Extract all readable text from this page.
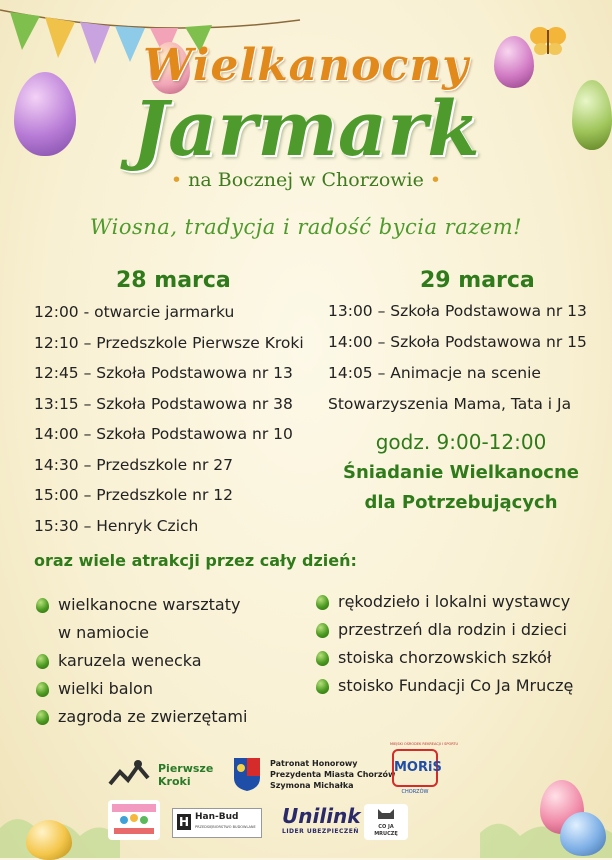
Wielkanocny
Jarmark
• na Bocznej w Chorzowie •
Wiosna, tradycja i radość bycia razem!
28 marca
12:00 - otwarcie jarmarku
12:10 – Przedszkole Pierwsze Kroki
12:45 – Szkoła Podstawowa nr 13
13:15 – Szkoła Podstawowa nr 38
14:00 – Szkoła Podstawowa nr 10
14:30 – Przedszkole nr 27
15:00 – Przedszkole nr 12
15:30 – Henryk Czich
29 marca
13:00 – Szkoła Podstawowa nr 13
14:00 – Szkoła Podstawowa nr 15
14:05 – Animacje na scenie
Stowarzyszenia Mama, Tata i Ja
godz. 9:00-12:00
Śniadanie Wielkanocne
dla Potrzebujących
oraz wiele atrakcji przez cały dzień:
wielkanocne warsztaty
w namiocie
karuzela wenecka
wielki balon
zagroda ze zwierzętami
rękodzieło i lokalni wystawcy
przestrzeń dla rodzin i dzieci
stoiska chorzowskich szkół
stoisko Fundacji Co Ja Mruczę
Pierwsze
Kroki
Patronat Honorowy
Prezydenta Miasta Chorzów
Szymona Michałka
MIEJSKI OŚRODEK REKREACJI I SPORTU
MORiS
CHORZÓW
H Han-Bud
PRZEDSIĘBIORSTWO BUDOWLANE Unilink
LIDER UBEZPIECZEŃ
CO JA
MRUCZĘ
